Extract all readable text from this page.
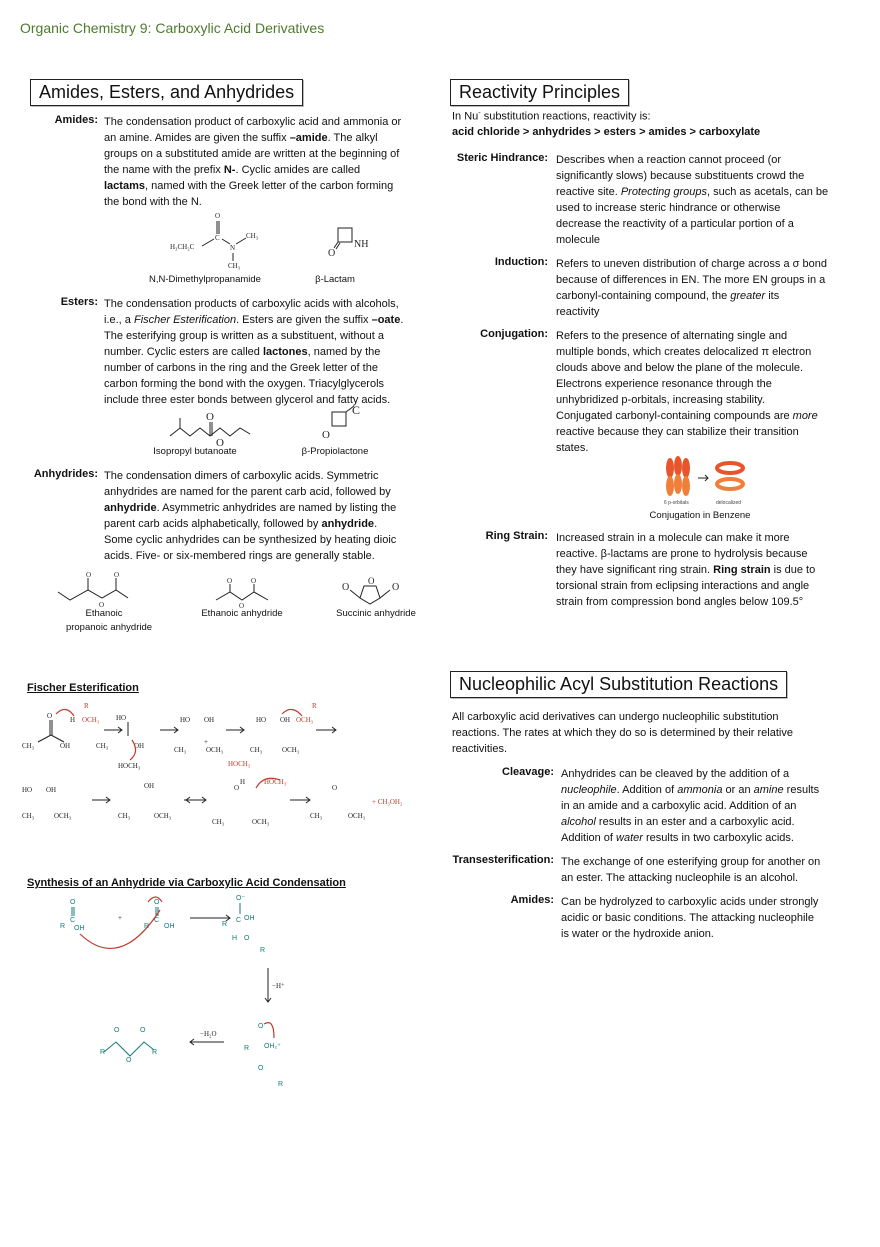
Organic Chemistry 9: Carboxylic Acid Derivatives
Amides, Esters, and Anhydrides
Amides: The condensation product of carboxylic acid and ammonia or
an amine. Amides are given the suffix –amide. The alkyl
groups on a substituted amide are written at the beginning of
the name with the prefix N-. Cyclic amides are called
lactams, named with the Greek letter of the carbon forming
the bond with the N.
O
H₃CH₂C
C
N
CH₃
CH₃
O
NH
N,N-Dimethylpropanamide	β-Lactam
Esters: The condensation products of carboxylic acids with alcohols,
i.e., a Fischer Esterification. Esters are given the suffix –oate.
The esterifying group is written as a substituent, without a
number. Cyclic esters are called lactones, named by the
number of carbons in the ring and the Greek letter of the
carbon forming the bond with the oxygen. Triacylglycerols
include three ester bonds between glycerol and fatty acids.
O
O
C
O
Isopropyl butanoate	β-Propiolactone
Anhydrides: The condensation dimers of carboxylic acids. Symmetric
anhydrides are named for the parent carb acid, followed by
anhydride. Asymmetric anhydrides are named by listing the
parent carb acids alphabetically, followed by anhydride.
Some cyclic anhydrides can be synthesized by heating dioic
acids. Five- or six-membered rings are generally stable.
O	O
O
O	O
O
O	O
O
Ethanoic
propanoic anhydride
Ethanoic anhydride	Succinic anhydride
Fischer Esterification
O
CH₃	OH
H OCH₃
R
HO
CH₃	OH
HOCH₃
HO OH
CH₃	OCH₃
+
HOCH₃
HO OH
CH₃	OCH₃
OCH₃
R
HO OH
CH₃	OCH₃
OH
CH₃	OCH₃
O
H	HOCH₃
CH₃	OCH₃
O
CH₃	OCH₃
+ CH₃OH₂
Synthesis of an Anhydride via Carboxylic Acid Condensation
O
C
R OH
+
O
C
R OH
O⁻
C OH
R
H O
R
−H⁺
O	O
R
O
R
−H₂O
O
R OH₂⁺
O
R
Reactivity Principles
In Nu- substitution reactions, reactivity is:
acid chloride > anhydrides > esters > amides > carboxylate
Steric Hindrance: Describes when a reaction cannot proceed (or
significantly slows) because substituents crowd the
reactive site. Protecting groups, such as acetals, can be
used to increase steric hindrance or otherwise
decrease the reactivity of a particular portion of a
molecule
Induction: Refers to uneven distribution of charge across a σ bond
because of differences in EN. The more EN groups in a
carbonyl-containing compound, the greater its
reactivity
Conjugation: Refers to the presence of alternating single and
multiple bonds, which creates delocalized π electron
clouds above and below the plane of the molecule.
Electrons experience resonance through the
unhybridized p-orbitals, increasing stability.
Conjugated carbonyl-containing compounds are more
reactive because they can stabilize their transition
states.
6 p-orbitals	delocalized
Conjugation in Benzene
Ring Strain: Increased strain in a molecule can make it more
reactive. β-lactams are prone to hydrolysis because
they have significant ring strain. Ring strain is due to
torsional strain from eclipsing interactions and angle
strain from compression bond angles below 109.5°
Nucleophilic Acyl Substitution Reactions
All carboxylic acid derivatives can undergo nucleophilic substitution
reactions. The rates at which they do so is determined by their relative
reactivities.
Cleavage: Anhydrides can be cleaved by the addition of a
nucleophile. Addition of ammonia or an amine results
in an amide and a carboxylic acid. Addition of an
alcohol results in an ester and a carboxylic acid.
Addition of water results in two carboxylic acids.
Transesterification: The exchange of one esterifying group for another on
an ester. The attacking nucleophile is an alcohol.
Amides: Can be hydrolyzed to carboxylic acids under strongly
acidic or basic conditions. The attacking nucleophile
is water or the hydroxide anion.
